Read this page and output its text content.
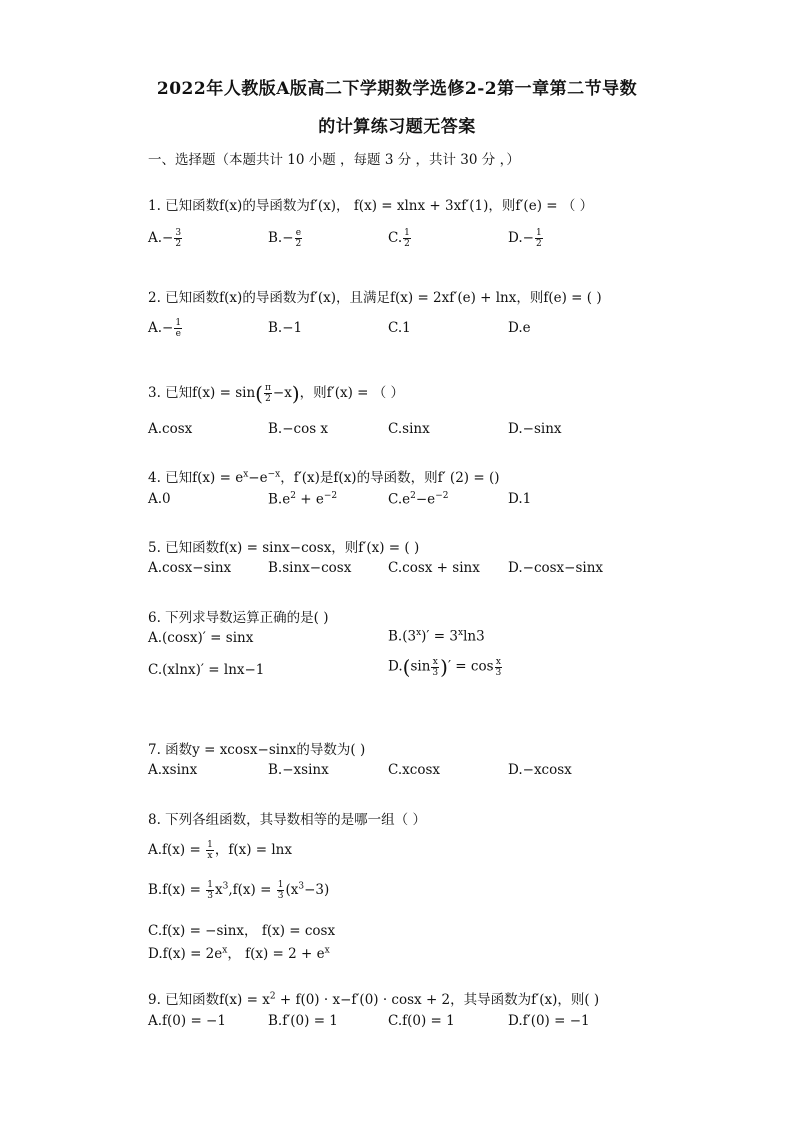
2022年人教版A版高二下学期数学选修2-2第一章第二节导数
的计算练习题无答案
一、选择题（本题共计 10 小题 ，每题 3 分 ，共计 30 分 ，）
1. 已知函数f(x)的导函数为f′(x)， f(x) = xlnx + 3xf′(1)，则f′(e) = （ ）
$A.- \frac{3}{2}$	$B.- \frac{e}{2}$	C. $\frac{1}{2}$	$D.- \frac{1}{2}$
2. 已知函数f(x)的导函数为f′(x)，且满足f(x) = 2xf′(e) + lnx，则f(e) = ( )
$A.- \frac{1}{e}$	B.−1	C.1	D.e
3. 已知$f(x) = \sin( \frac{\pi}{2} -x)$，则f′(x) = （ ）
A.cosx	B.−cos x	C.sinx	D.−sinx
4. 已知$f(x) = e^x-e^{-x}$，f′(x)是f(x)的导函数，则f′ (2) = ()
A.0	$B.e^2 + e^{-2}$	$C.e^2-e^{-2}$	D.1
5. 已知函数f(x) = sinx−cosx，则f′(x) = ( )
A.cosx−sinx	B.sinx−cosx	C.cosx + sinx D.−cosx−sinx
6. 下列求导数运算正确的是( )
A.(cosx)′ = sinx	$B.(3^x)' = 3^x\ln 3$
C.(xlnx)′ = lnx−1	$D.(\sin \frac{x}{3}$ )′ = $\cos \frac{x}{3}$
7. 函数y = xcosx−sinx的导数为( )
A.xsinx	B.−xsinx	C.xcosx	D.−xcosx
8. 下列各组函数，其导数相等的是哪一组（ ）
$A.f(x) = \frac{1}{x}$ ，f(x) = lnx
$B.f(x) = \frac{1}{3} x^3,f(x) = \frac{1}{3} (x^3-3)$
C.f(x) = −sinx， f(x) = cosx
$D.f(x) = 2e^x$， $f(x) = 2 + e^x$
9. 已知函数$f(x) = x^2 + f(0) \cdot x-f'(0) \cdot \cos x + 2$，其导函数为f′(x)，则( )
A.f(0) = −1	B.f′(0) = 1	C.f(0) = 1	D.f′(0) = −1
